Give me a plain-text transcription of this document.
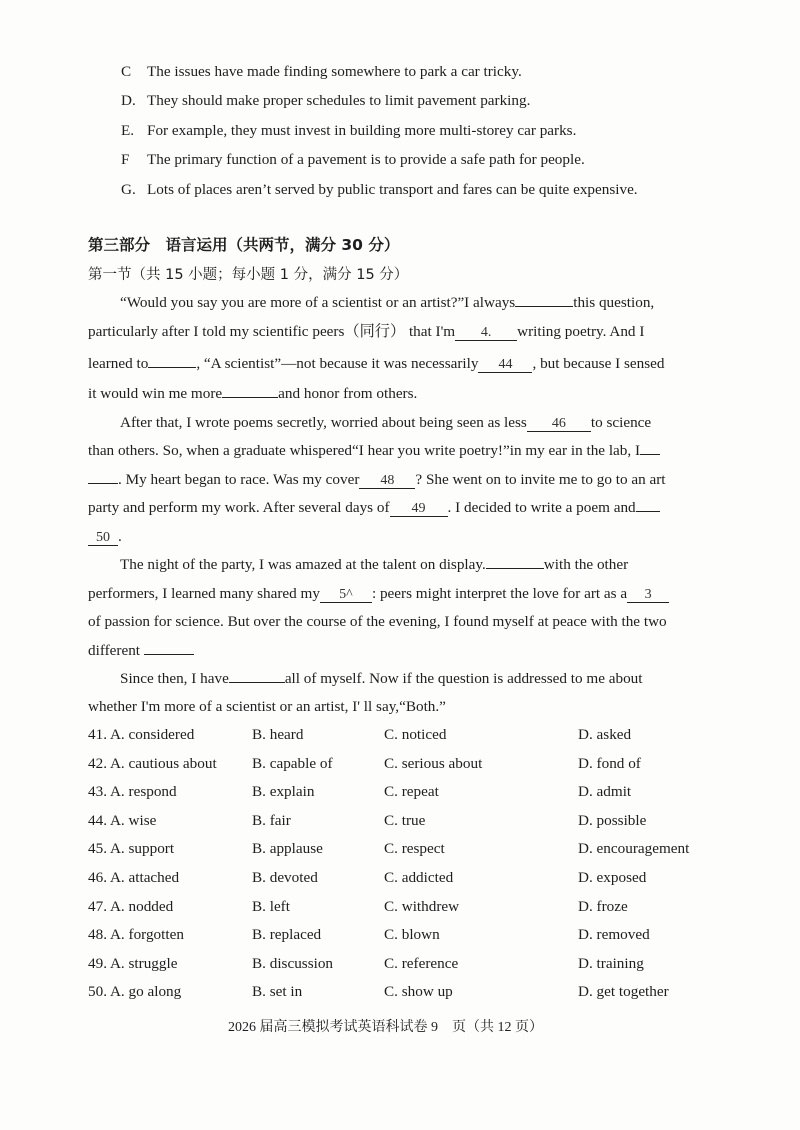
C The issues have made finding somewhere to park a car tricky.
D. They should make proper schedules to limit pavement parking.
E. For example, they must invest in building more multi-storey car parks.
F The primary function of a pavement is to provide a safe path for people.
G. Lots of places aren’t served by public transport and fares can be quite expensive.
第三部分　语言运用（共两节，满分 30 分）
第一节（共 15 小题；每小题 1 分，满分 15 分）
“Would you say you are more of a scientist or an artist?”I always	this question,
particularly after I told my scientific peers（同行） that I'm 4. writing poetry. And I
learned to	, “A scientist”—not because it was necessarily 44 , but because I sensed
it would win me more	and honor from others.
After that, I wrote poems secretly, worried about being seen as less 46 to science
than others. So, when a graduate whispered“I hear you write poetry!”in my ear in the lab, I
. My heart began to race. Was my cover 48 ? She went on to invite me to go to an art
party and perform my work. After several days of 49 . I decided to write a poem and
50 .
The night of the party, I was amazed at the talent on display.	with the other
performers, I learned many shared my 5^ : peers might interpret the love for art as a 3
of passion for science. But over the course of the evening, I found myself at peace with the two
different
Since then, I have	all of myself. Now if the question is addressed to me about
whether I'm more of a scientist or an artist, I' ll say,“Both.”
41. A. considered	B. heard	C. noticed	D. asked
42. A. cautious about B. capable of	C. serious about	D. fond of
43. A. respond	B. explain	C. repeat	D. admit
44. A. wise	B. fair	C. true	D. possible
45. A. support	B. applause	C. respect	D. encouragement
46. A. attached	B. devoted	C. addicted	D. exposed
47. A. nodded	B. left	C. withdrew	D. froze
48. A. forgotten	B. replaced	C. blown	D. removed
49. A. struggle	B. discussion	C. reference	D. training
50. A. go along	B. set in	C. show up	D. get together
2026 届高三模拟考试英语科试卷 9　页（共 12 页）
